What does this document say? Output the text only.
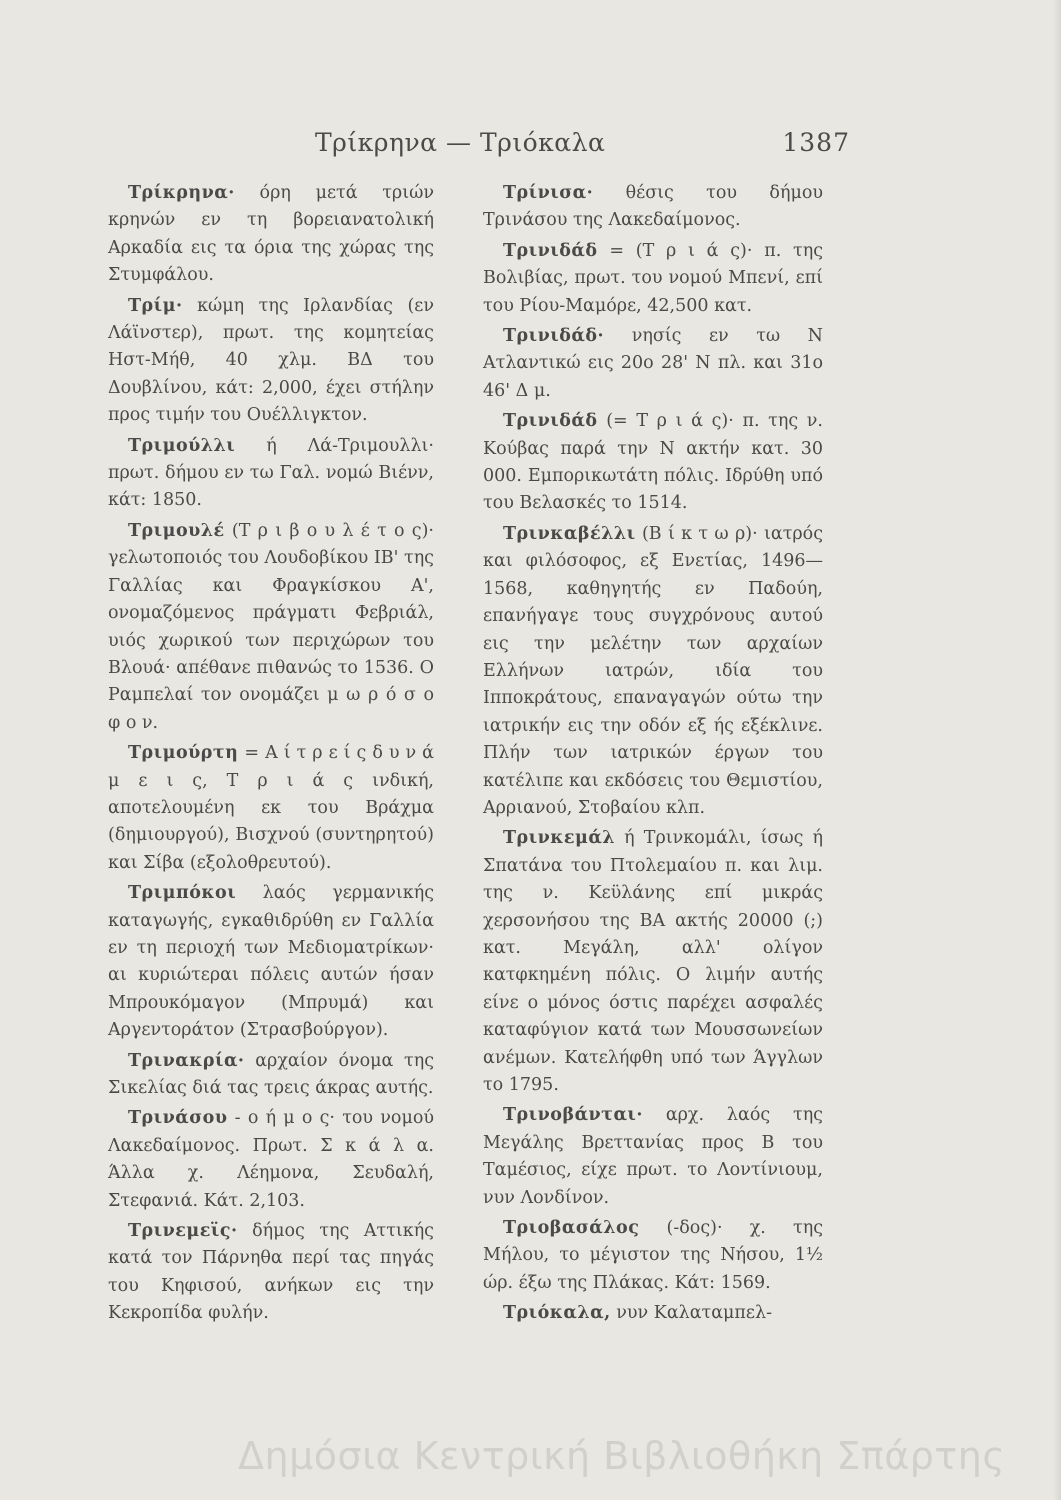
Τρίκρηνα — Τριόκαλα	1387

Τρίκρηνα· όρη μετά τριών κρηνών εν τη βορειανατολική Αρκαδία εις τα όρια της χώρας της Στυμφάλου.

Τρίμ· κώμη της Ιρλανδίας (εν Λάϊνστερ), πρωτ. της κομητείας Ηστ-Μήθ, 40 χλμ. ΒΔ του Δουβλίνου, κάτ: 2,000, έχει στήλην προς τιμήν του Ουέλλιγκτον.

Τριμούλλι ή Λά-Τριμουλλι· πρωτ. δήμου εν τω Γαλ. νομώ Βιένν, κάτ: 1850.

Τριμουλέ (Τ ρ ι β ο υ λ έ τ ο ς)· γελωτοποιός του Λουδοβίκου ΙΒ' της Γαλλίας και Φραγκίσκου Α', ονομαζόμενος πράγματι Φεβριάλ, υιός χωρικού των περιχώρων του Βλουά· απέθανε πιθανώς το 1536. Ο Ραμπελαί τον ονομάζει μ ω ρ ό σ ο φ ο ν.

Τριμούρτη = Α ί τ ρ ε ί ς δ υ ν ά μ ε ι ς, Τ ρ ι ά ς ινδική, αποτελουμένη εκ του Βράχμα (δημιουργού), Βισχνού (συντηρητού) και Σίβα (εξολοθρευτού).

Τριμπόκοι λαός γερμανικής καταγωγής, εγκαθιδρύθη εν Γαλλία εν τη περιοχή των Μεδιοματρίκων· αι κυριώτεραι πόλεις αυτών ήσαν Μπρουκόμαγον (Μπρυμά) και Αργεντοράτον (Στρασβούργον).

Τρινακρία· αρχαίον όνομα της Σικελίας διά τας τρεις άκρας αυτής.

Τρινάσου - ο ή μ ο ς· του νομού Λακεδαίμονος. Πρωτ. Σ κ ά λ α. Άλλα χ. Λέημονα, Σευδαλή, Στεφανιά. Κάτ. 2,103.

Τρινεμεϊς· δήμος της Αττικής κατά τον Πάρνηθα περί τας πηγάς του Κηφισού, ανήκων εις την Κεκροπίδα φυλήν.

Τρίνισα· θέσις του δήμου Τρινάσου της Λακεδαίμονος.

Τρινιδάδ = (Τ ρ ι ά ς)· π. της Βολιβίας, πρωτ. του νομού Μπενί, επί του Ρίου-Μαμόρε, 42,500 κατ.

Τρινιδάδ· νησίς εν τω Ν Ατλαντικώ εις 20ο 28' Ν πλ. και 31ο 46' Δ μ.

Τρινιδάδ (= Τ ρ ι ά ς)· π. της ν. Κούβας παρά την Ν ακτήν κατ. 30 000. Εμπορικωτάτη πόλις. Ιδρύθη υπό του Βελασκές το 1514.

Τρινκαβέλλι (Β ί κ τ ω ρ)· ιατρός και φιλόσοφος, εξ Ενετίας, 1496—1568, καθηγητής εν Παδούη, επανήγαγε τους συγχρόνους αυτού εις την μελέτην των αρχαίων Ελλήνων ιατρών, ιδία του Ιπποκράτους, επαναγαγών ούτω την ιατρικήν εις την οδόν εξ ής εξέκλινε. Πλήν των ιατρικών έργων του κατέλιπε και εκδόσεις του Θεμιστίου, Αρριανού, Στοβαίου κλπ.

Τρινκεμάλ ή Τρινκομάλι, ίσως ή Σπατάνα του Πτολεμαίου π. και λιμ. της ν. Κεϋλάνης επί μικράς χερσονήσου της ΒΑ ακτής 20000 (;) κατ. Μεγάλη, αλλ' ολίγον κατφκημένη πόλις. Ο λιμήν αυτής είνε ο μόνος όστις παρέχει ασφαλές καταφύγιον κατά των Μουσσωνείων ανέμων. Κατελήφθη υπό των Άγγλων το 1795.

Τρινοβάνται· αρχ. λαός της Μεγάλης Βρεττανίας προς Β του Ταμέσιος, είχε πρωτ. το Λοντίνιουμ, νυν Λονδίνον.

Τριοβασάλος (-δος)· χ. της Μήλου, το μέγιστον της Νήσου, 1½ ώρ. έξω της Πλάκας. Κάτ: 1569.

Τριόκαλα, νυν Καλαταμπελ-

Δημόσια Κεντρική Βιβλιοθήκη Σπάρτης
